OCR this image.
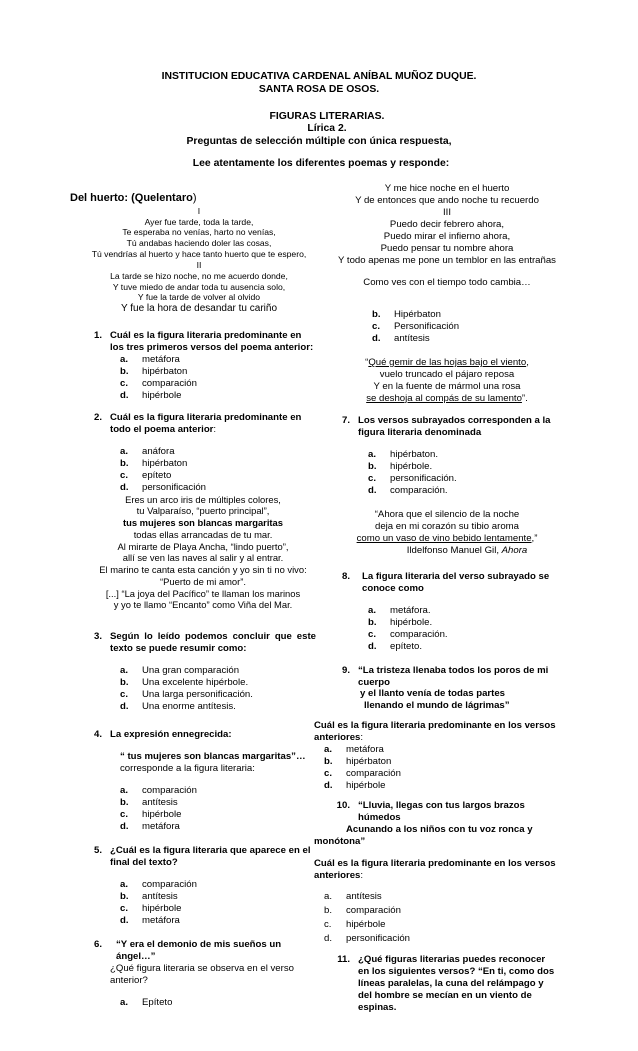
INSTITUCION EDUCATIVA CARDENAL ANÍBAL MUÑOZ DUQUE.
SANTA ROSA DE OSOS.
FIGURAS LITERARIAS.
Lírica 2.
Preguntas de selección múltiple con única respuesta,
Lee atentamente los diferentes poemas y responde:
Del huerto: (Quelentaro)
I
Ayer fue tarde, toda la tarde,
Te esperaba no venías, harto no venías,
Tú andabas haciendo doler las cosas,
Tú vendrías al huerto y hace tanto huerto que te espero,
II
La tarde se hizo noche, no me acuerdo donde,
Y tuve miedo de andar toda tu ausencia solo,
Y fue la tarde de volver al olvido
Y fue la hora de desandar tu cariño
1. Cuál es la figura literaria predominante en los tres primeros versos del poema anterior:
a.	metáfora
b.	hipérbaton
c.	comparación
d.	hipérbole
2. Cuál es la figura literaria predominante en todo el poema anterior:
a.	anáfora
b.	hipérbaton
c.	epíteto
d.	personificación
Eres un arco iris de múltiples colores,
tu Valparaíso, “puerto principal”,
tus mujeres son blancas margaritas
todas ellas arrancadas de tu mar.
Al mirarte de Playa Ancha, “lindo puerto”,
allí se ven las naves al salir y al entrar.
El marino te canta esta canción y yo sin ti no vivo:
“Puerto de mi amor”.
[...] “La joya del Pacífico” te llaman los marinos
y yo te llamo “Encanto” como Viña del Mar.
3. Según lo leído podemos concluir que este texto se puede resumir como:
a.	Una gran comparación
b.	Una excelente hipérbole.
c.	Una larga personificación.
d.	Una enorme antítesis.
4. La expresión ennegrecida:
“ tus mujeres son blancas margaritas”… corresponde a la figura literaria:
a.	comparación
b.	antítesis
c.	hipérbole
d.	metáfora
5. ¿Cuál es la figura literaria que aparece en el final del texto?
a.	comparación
b.	antítesis
c.	hipérbole
d.	metáfora
6.	“Y era el demonio de mis sueños un ángel…”
¿Qué figura literaria se observa en el verso anterior?
a.	Epíteto
Y me hice noche en el huerto
Y de entonces que ando noche tu recuerdo
III
Puedo decir febrero ahora,
Puedo mirar el infierno ahora,
Puedo pensar tu nombre ahora
Y todo apenas me pone un temblor en las entrañas
Como ves con el tiempo todo cambia…
b.	Hipérbaton
c.	Personificación
d.	antítesis
“Qué gemir de las hojas bajo el viento,
vuelo truncado el pájaro reposa
Y en la fuente de mármol una rosa
se deshoja al compás de su lamento”.
7. Los versos subrayados corresponden a la figura literaria denominada
a.	hipérbaton.
b.	hipérbole.
c.	personificación.
d.	comparación.
“Ahora que el silencio de la noche
deja en mi corazón su tibio aroma
como un vaso de vino bebido lentamente,”
Ildelfonso Manuel Gil, Ahora
8.	La figura literaria del verso subrayado se conoce como
a.	metáfora.
b.	hipérbole.
c.	comparación.
d.	epíteto.
9. “La tristeza llenaba todos los poros de mi cuerpo
y el llanto venía de todas partes
llenando el mundo de lágrimas”
Cuál es la figura literaria predominante en los versos anteriores:
a.	metáfora
b.	hipérbaton
c.	comparación
d.	hipérbole
10. “Lluvia, llegas con tus largos brazos húmedos
Acunando a los niños con tu voz ronca y monótona”
Cuál es la figura literaria predominante en los versos anteriores:
a.	antítesis
b.	comparación
c.	hipérbole
d.	personificación
11. ¿Qué figuras literarias puedes reconocer en los siguientes versos? “En ti, como dos líneas paralelas, la cuna del relámpago y del hombre se mecían en un viento de espinas.
